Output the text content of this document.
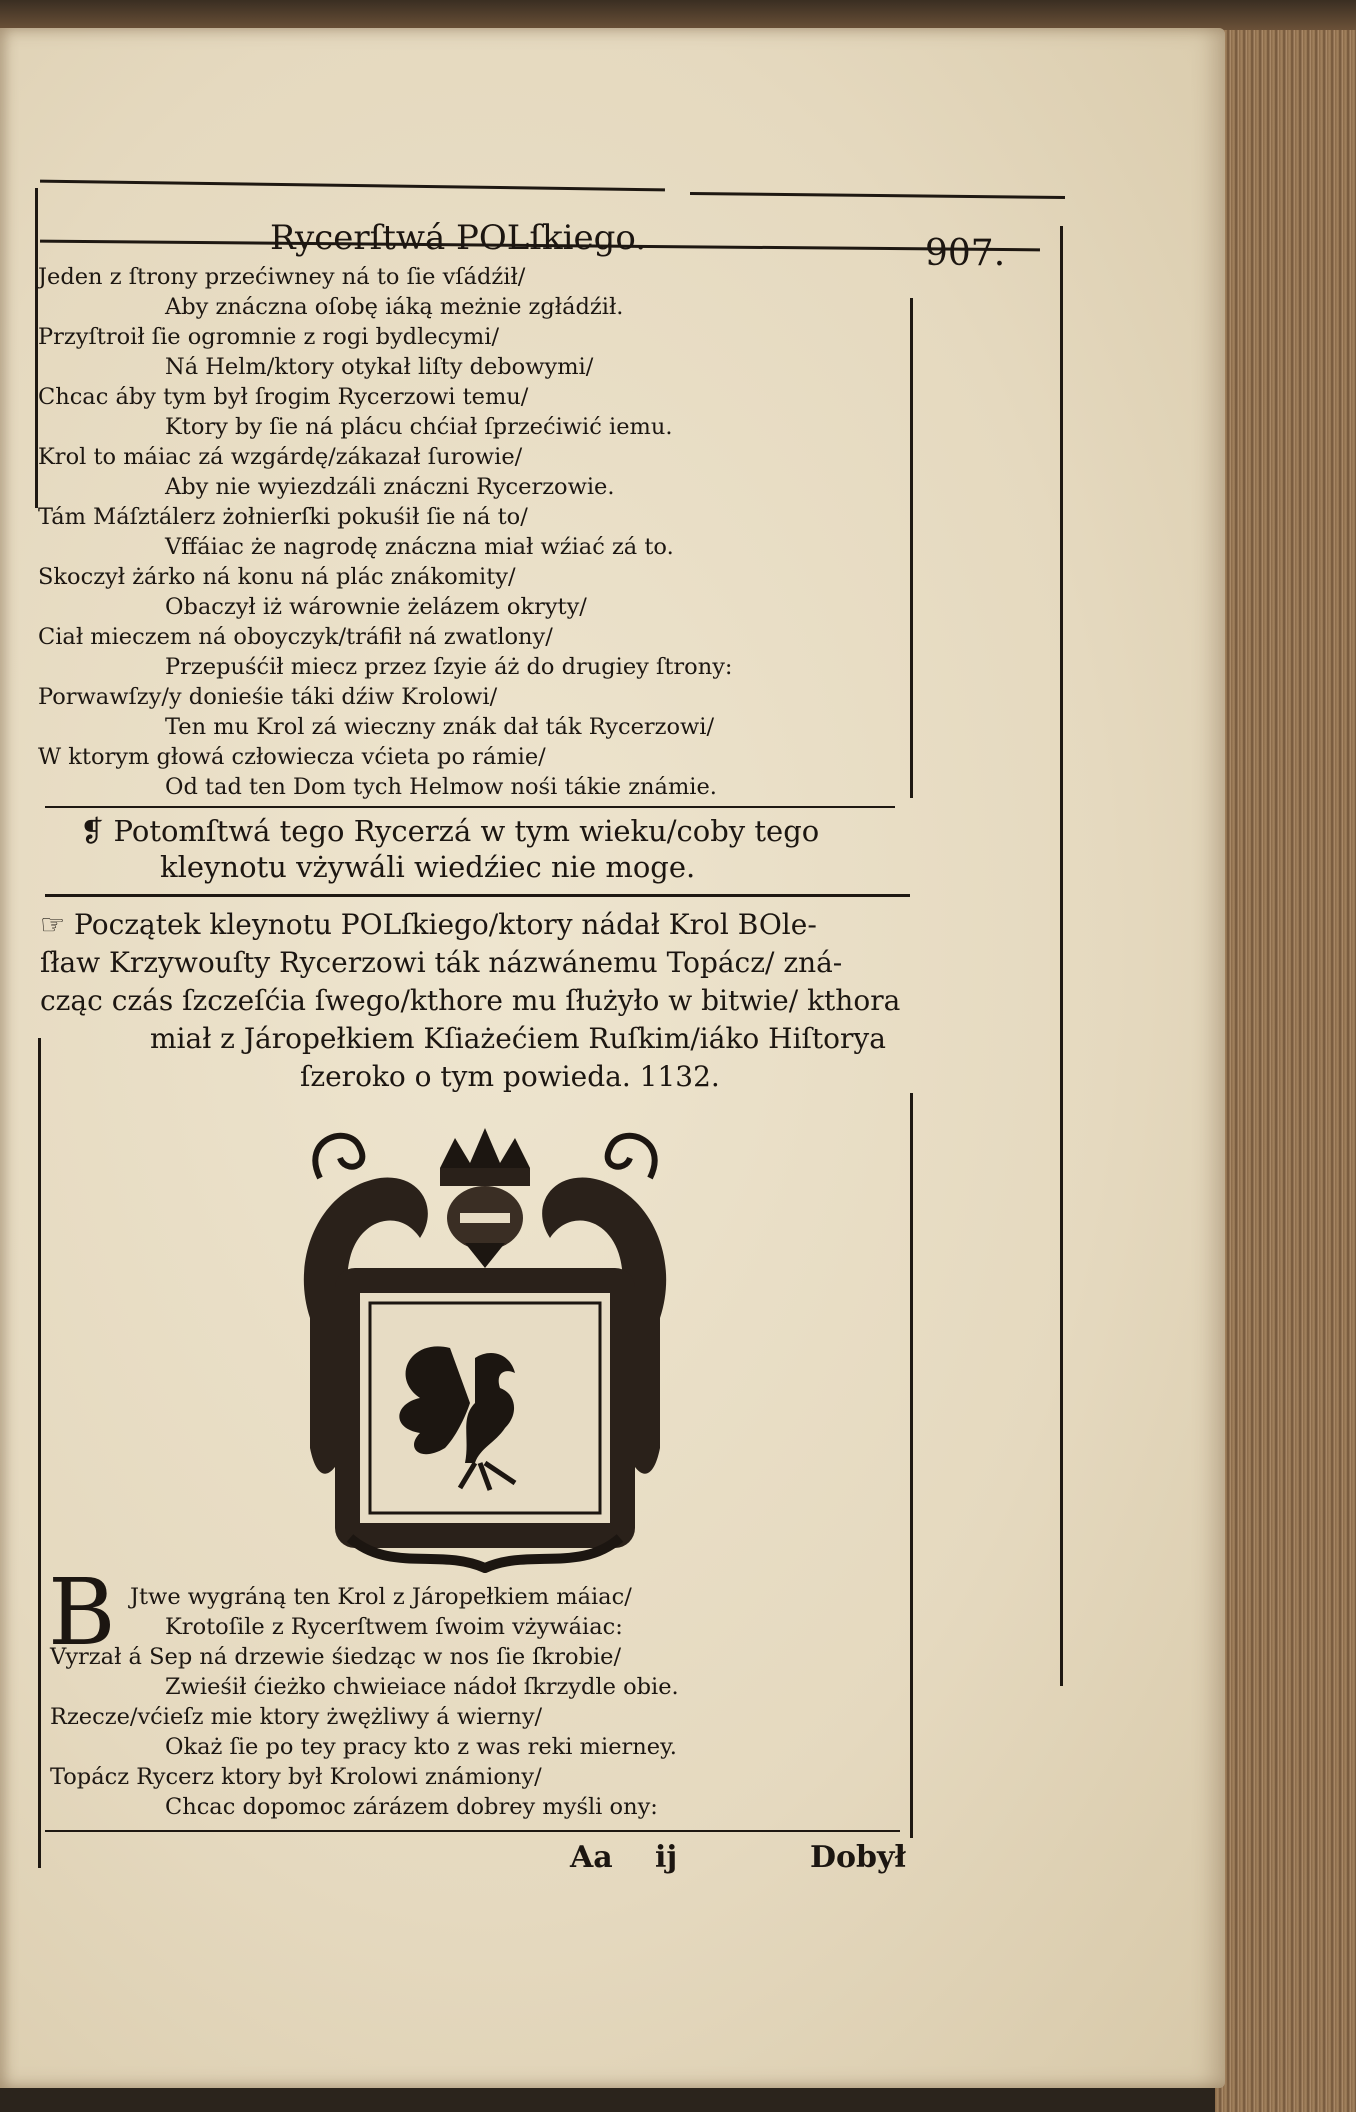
Rycerſtwá POLſkiego.	907.
Jeden z ſtrony przećiwney ná to ſie vſádźił/
Aby znáczna oſobę iáką meżnie zgłádźił.
Przyſtroił ſie ogromnie z rogi bydlecymi/
Ná Helm/ktory otykał liſty debowymi/
Chcac áby tym był ſrogim Rycerzowi temu/
Ktory by ſie ná plácu chćiał ſprzećiwić iemu.
Krol to máiac zá wzgárdę/zákazał ſurowie/
Aby nie wyiezdzáli znáczni Rycerzowie.
Tám Máſztálerz żołnierſki pokuśił ſie ná to/
Vffáiac że nagrodę znáczna miał wźiać zá to.
Skoczył żárko ná konu ná plác znákomity/
Obaczył iż wárownie żelázem okryty/
Ciał mieczem ná oboyczyk/tráfił ná zwatlony/
Przepuśćił miecz przez ſzyie áż do drugiey ſtrony:
Porwawſzy/y donieśie táki dźiw Krolowi/
Ten mu Krol zá wieczny znák dał ták Rycerzowi/
W ktorym głowá człowiecza vćieta po rámie/
Od tad ten Dom tych Helmow nośi tákie známie.
❡ Potomſtwá tego Rycerzá w tym wieku/coby tego
kleynotu vżywáli wiedźiec nie moge.
☞ Początek kleynotu POLſkiego/ktory nádał Krol BOle-
ſław Krzywouſty Rycerzowi ták názwánemu Topácz/ zná-
cząc czás ſzczeſćia ſwego/kthore mu ſłużyło w bitwie/ kthora
miał z Járopełkiem Kſiażećiem Ruſkim/iáko Hiſtorya
ſzeroko o tym powieda. 1132.
B Jtwe wygráną ten Krol z Járopełkiem máiac/
Krotoſile z Rycerſtwem ſwoim vżywáiac:
Vyrzał á Sep ná drzewie śiedząc w nos ſie ſkrobie/
Zwieśił ćieżko chwieiace nádoł ſkrzydle obie.
Rzecze/vćieſz mie ktory żwężliwy á wierny/
Okaż ſie po tey pracy kto z was reki mierney.
Topácz Rycerz ktory był Krolowi známiony/
Chcac dopomoc zárázem dobrey myśli ony:
Aa ij	Dobył
